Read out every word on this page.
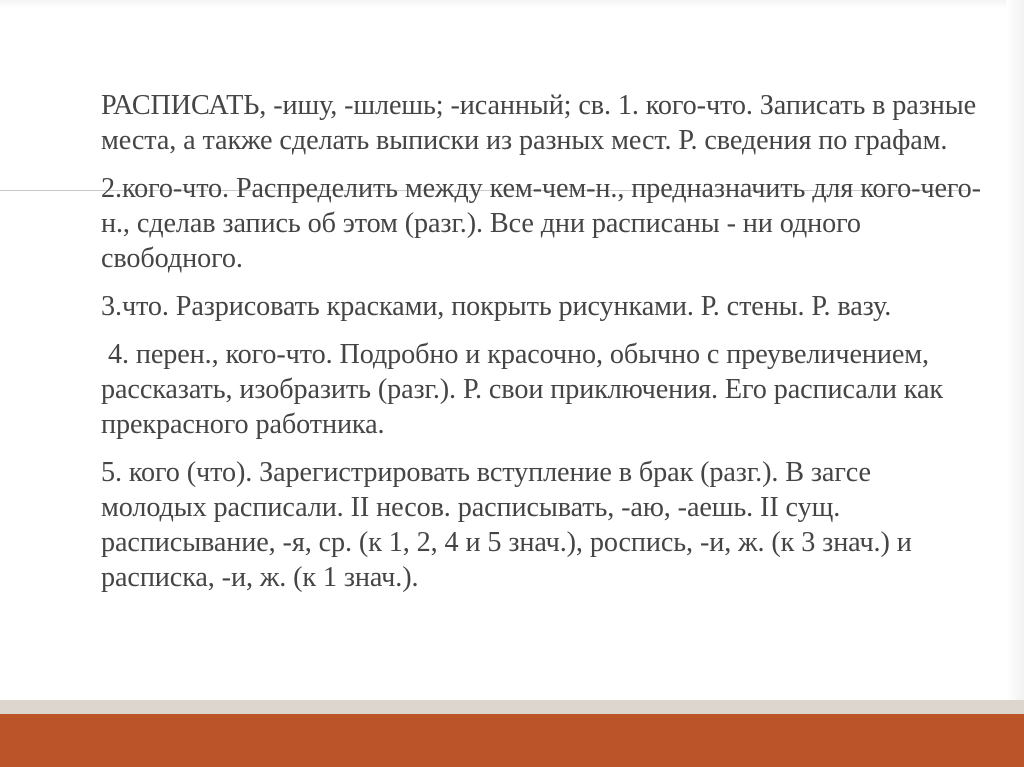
РАСПИСАТЬ, -ишу, -шлешь; -исанный; св. 1. кого-что. Записать в разные места, а также сделать выписки из разных мест. Р. сведения по графам.

2.кого-что. Распределить между кем-чем-н., предназначить для кого-чего-н., сделав запись об этом (разг.). Все дни расписаны - ни одного свободного.

3.что. Разрисовать красками, покрыть рисунками. Р. стены. Р. вазу.

4. перен., кого-что. Подробно и красочно, обычно с преувеличением, рассказать, изобразить (разг.). Р. свои приключения. Его расписали как прекрасного работника.

5. кого (что). Зарегистрировать вступление в брак (разг.). В загсе молодых расписали. II несов. расписывать, -аю, -аешь. II сущ. расписывание, -я, ср. (к 1, 2, 4 и 5 знач.), роспись, -и, ж. (к 3 знач.) и расписка, -и, ж. (к 1 знач.).
